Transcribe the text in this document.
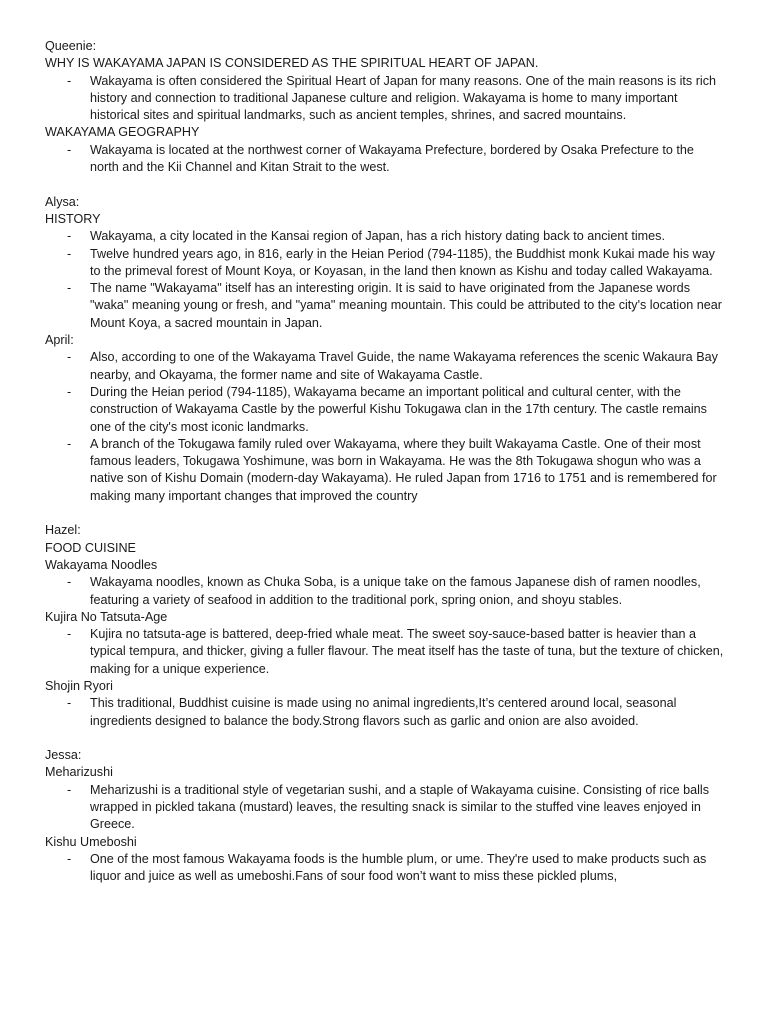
Queenie:
WHY IS WAKAYAMA JAPAN IS CONSIDERED AS THE SPIRITUAL HEART OF JAPAN.
- Wakayama is often considered the Spiritual Heart of Japan for many reasons. One of the main reasons is its rich history and connection to traditional Japanese culture and religion. Wakayama is home to many important historical sites and spiritual landmarks, such as ancient temples, shrines, and sacred mountains.
WAKAYAMA GEOGRAPHY
- Wakayama is located at the northwest corner of Wakayama Prefecture, bordered by Osaka Prefecture to the north and the Kii Channel and Kitan Strait to the west.
Alysa:
HISTORY
- Wakayama, a city located in the Kansai region of Japan, has a rich history dating back to ancient times.
- Twelve hundred years ago, in 816, early in the Heian Period (794-1185), the Buddhist monk Kukai made his way to the primeval forest of Mount Koya, or Koyasan, in the land then known as Kishu and today called Wakayama.
- The name "Wakayama" itself has an interesting origin. It is said to have originated from the Japanese words "waka" meaning young or fresh, and "yama" meaning mountain. This could be attributed to the city's location near Mount Koya, a sacred mountain in Japan.
April:
- Also, according to one of the Wakayama Travel Guide, the name Wakayama references the scenic Wakaura Bay nearby, and Okayama, the former name and site of Wakayama Castle.
- During the Heian period (794-1185), Wakayama became an important political and cultural center, with the construction of Wakayama Castle by the powerful Kishu Tokugawa clan in the 17th century. The castle remains one of the city's most iconic landmarks.
- A branch of the Tokugawa family ruled over Wakayama, where they built Wakayama Castle. One of their most famous leaders, Tokugawa Yoshimune, was born in Wakayama. He was the 8th Tokugawa shogun who was a native son of Kishu Domain (modern-day Wakayama). He ruled Japan from 1716 to 1751 and is remembered for making many important changes that improved the country
Hazel:
FOOD CUISINE
Wakayama Noodles
- Wakayama noodles, known as Chuka Soba, is a unique take on the famous Japanese dish of ramen noodles, featuring a variety of seafood in addition to the traditional pork, spring onion, and shoyu stables.
Kujira No Tatsuta-Age
- Kujira no tatsuta-age is battered, deep-fried whale meat. The sweet soy-sauce-based batter is heavier than a typical tempura, and thicker, giving a fuller flavour. The meat itself has the taste of tuna, but the texture of chicken, making for a unique experience.
Shojin Ryori
- This traditional, Buddhist cuisine is made using no animal ingredients,It’s centered around local, seasonal ingredients designed to balance the body.Strong flavors such as garlic and onion are also avoided.
Jessa:
Meharizushi
- Meharizushi is a traditional style of vegetarian sushi, and a staple of Wakayama cuisine. Consisting of rice balls wrapped in pickled takana (mustard) leaves, the resulting snack is similar to the stuffed vine leaves enjoyed in Greece.
Kishu Umeboshi
- One of the most famous Wakayama foods is the humble plum, or ume. They're used to make products such as liquor and juice as well as umeboshi.Fans of sour food won’t want to miss these pickled plums,
